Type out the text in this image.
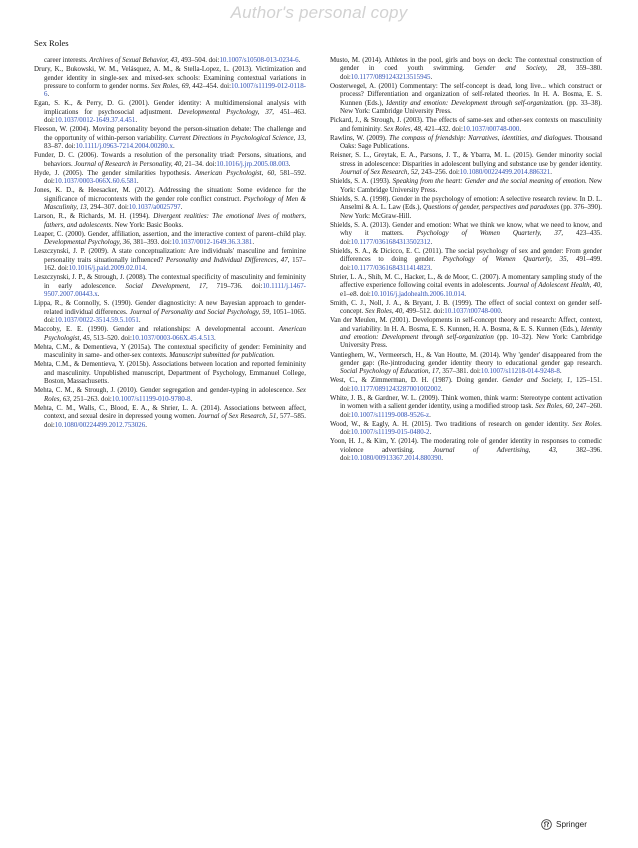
Author's personal copy
Sex Roles

career interests. Archives of Sexual Behavior, 43, 493–504. doi:10.1007/s10508-013-0234-6.

Drury, K., Bukowski, W. M., Velásquez, A. M., & Stella-Lopez, L. (2013). Victimization and gender identity in single-sex and mixed-sex schools: Examining contextual variations in pressure to conform to gender norms. Sex Roles, 69, 442–454. doi:10.1007/s11199-012-0118-6.

Egan, S. K., & Perry, D. G. (2001). Gender identity: A multidimensional analysis with implications for psychosocial adjustment. Developmental Psychology, 37, 451–463. doi:10.1037/0012-1649.37.4.451.

Fleeson, W. (2004). Moving personality beyond the person-situation debate: The challenge and the opportunity of within-person variability. Current Directions in Psychological Science, 13, 83–87. doi:10.1111/j.0963-7214.2004.00280.x.

Funder, D. C. (2006). Towards a resolution of the personality triad: Persons, situations, and behaviors. Journal of Research in Personality, 40, 21–34. doi:10.1016/j.jrp.2005.08.003.

Hyde, J. (2005). The gender similarities hypothesis. American Psychologist, 60, 581–592. doi:10.1037/0003-066X.60.6.581.

Jones, K. D., & Heesacker, M. (2012). Addressing the situation: Some evidence for the significance of microcontexts with the gender role conflict construct. Psychology of Men & Masculinity, 13, 294–307. doi:10.1037/a0025797.

Larson, R., & Richards, M. H. (1994). Divergent realities: The emotional lives of mothers, fathers, and adolescents. New York: Basic Books.

Leaper, C. (2000). Gender, affiliation, assertion, and the interactive context of parent–child play. Developmental Psychology, 36, 381–393. doi:10.1037/0012-1649.36.3.381.

Leszczynski, J. P. (2009). A state conceptualization: Are individuals' masculine and feminine personality traits situationally influenced? Personality and Individual Differences, 47, 157–162. doi:10.1016/j.paid.2009.02.014.

Leszczynski, J. P., & Strough, J. (2008). The contextual specificity of masculinity and femininity in early adolescence. Social Development, 17, 719–736. doi:10.1111/j.1467-9507.2007.00443.x.

Lippa, R., & Connolly, S. (1990). Gender diagnosticity: A new Bayesian approach to gender-related individual differences. Journal of Personality and Social Psychology, 59, 1051–1065. doi:10.1037/0022-3514.59.5.1051.

Maccoby, E. E. (1990). Gender and relationships: A developmental account. American Psychologist, 45, 513–520. doi:10.1037/0003-066X.45.4.513.

Mehta, C.M., & Dementieva, Y (2015a). The contextual specificity of gender: Femininity and masculinity in same- and other-sex contexts. Manuscript submitted for publication.

Mehta, C.M., & Dementieva, Y. (2015b). Associations between location and reported femininity and masculinity. Unpublished manuscript, Department of Psychology, Emmanuel College, Boston, Massachusetts.

Mehta, C. M., & Strough, J. (2010). Gender segregation and gender-typing in adolescence. Sex Roles, 63, 251–263. doi:10.1007/s11199-010-9780-8.

Mehta, C. M., Walls, C., Blood, E. A., & Shrier, L. A. (2014). Associations between affect, context, and sexual desire in depressed young women. Journal of Sex Research, 51, 577–585. doi:10.1080/00224499.2012.753026.

Musto, M. (2014). Athletes in the pool, girls and boys on deck: The contextual construction of gender in coed youth swimming. Gender and Society, 28, 359–380. doi:10.1177/0891243213515945.

Oosterwegel, A. (2001) Commentary: The self-concept is dead, long live... which construct or process? Differentiation and organization of self-related theories. In H. A. Bosma, E. S. Kunnen (Eds.), Identity and emotion: Development through self-organization. (pp. 33–38). New York: Cambridge University Press.

Pickard, J., & Strough, J. (2003). The effects of same-sex and other-sex contexts on masculinity and femininity. Sex Roles, 48, 421–432. doi:10.1037/t00748-000.

Rawlins, W. (2009). The compass of friendship: Narratives, identities, and dialogues. Thousand Oaks: Sage Publications.

Reisner, S. L., Greytak, E. A., Parsons, J. T., & Ybarra, M. L. (2015). Gender minority social stress in adolescence: Disparities in adolescent bullying and substance use by gender identity. Journal of Sex Research, 52, 243–256. doi:10.1080/00224499.2014.886321.

Shields, S. A. (1993). Speaking from the heart: Gender and the social meaning of emotion. New York: Cambridge University Press.

Shields, S. A. (1998). Gender in the psychology of emotion: A selective research review. In D. L. Anselmi & A. L. Law (Eds.), Questions of gender, perspectives and paradoxes (pp. 376–390). New York: McGraw-Hill.

Shields, S. A. (2013). Gender and emotion: What we think we know, what we need to know, and why it matters. Psychology of Women Quarterly, 37, 423–435. doi:10.1177/0361684313502312.

Shields, S. A., & Dicicco, E. C. (2011). The social psychology of sex and gender: From gender differences to doing gender. Psychology of Women Quarterly, 35, 491–499. doi:10.1177/0361684311414823.

Shrier, L. A., Shih, M. C., Hacker, L., & de Moor, C. (2007). A momentary sampling study of the affective experience following coital events in adolescents. Journal of Adolescent Health, 40, e1–e8. doi:10.1016/j.jadohealth.2006.10.014.

Smith, C. J., Noll, J. A., & Bryant, J. B. (1999). The effect of social context on gender self-concept. Sex Roles, 40, 499–512. doi:10.1037/t00748-000.

Van der Meulen, M. (2001). Developments in self-concept theory and research: Affect, context, and variability. In H. A. Bosma, E. S. Kunnen, H. A. Bosma, & E. S. Kunnen (Eds.), Identity and emotion: Development through self-organization (pp. 10–32). New York: Cambridge University Press.

Vantieghem, W., Vermeersch, H., & Van Houtte, M. (2014). Why 'gender' disappeared from the gender gap: (Re-)introducing gender identity theory to educational gender gap research. Social Psychology of Education, 17, 357–381. doi:10.1007/s11218-014-9248-8.

West, C., & Zimmerman, D. H. (1987). Doing gender. Gender and Society, 1, 125–151. doi:10.1177/0891243287001002002.

White, J. B., & Gardner, W. L. (2009). Think women, think warm: Stereotype content activation in women with a salient gender identity, using a modified stroop task. Sex Roles, 60, 247–260. doi:10.1007/s11199-008-9526-z.

Wood, W., & Eagly, A. H. (2015). Two traditions of research on gender identity. Sex Roles. doi:10.1007/s11199-015-0480-2.

Yoon, H. J., & Kim, Y. (2014). The moderating role of gender identity in responses to comedic violence advertising. Journal of Advertising, 43, 382–396. doi:10.1080/00913367.2014.880390.

Springer
